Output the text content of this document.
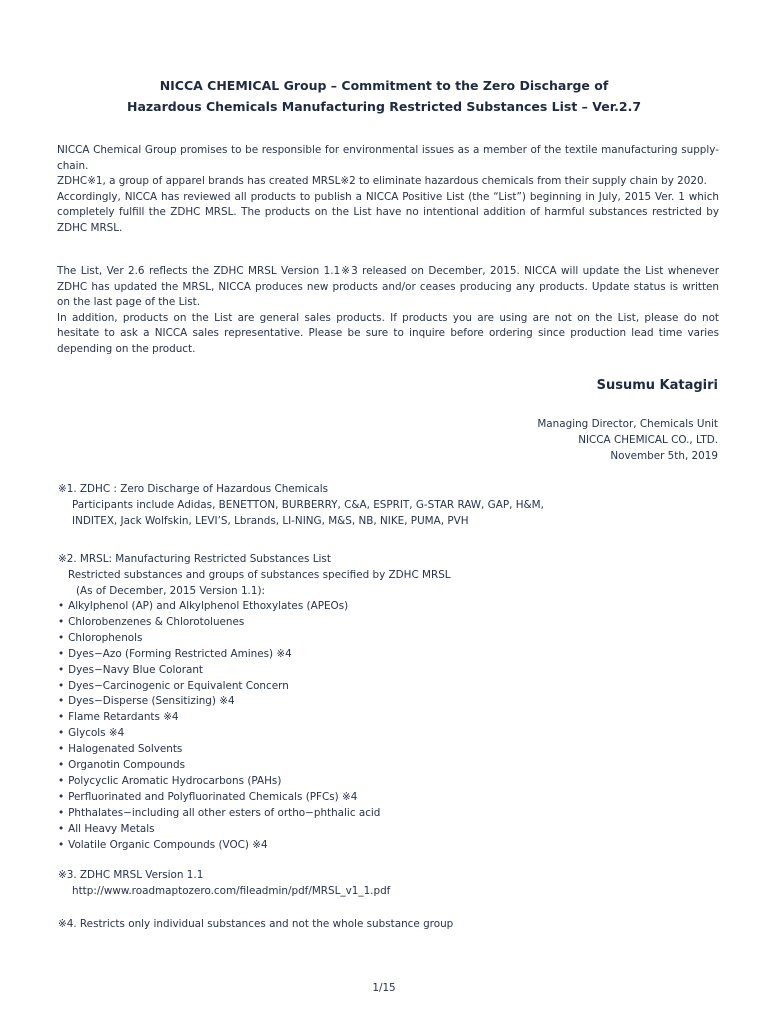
NICCA CHEMICAL Group – Commitment to the Zero Discharge of
Hazardous Chemicals Manufacturing Restricted Substances List – Ver.2.7

NICCA Chemical Group promises to be responsible for environmental issues as a member of the textile manufacturing supply-chain.

ZDHC※1, a group of apparel brands has created MRSL※2 to eliminate hazardous chemicals from their supply chain by 2020.

Accordingly, NICCA has reviewed all products to publish a NICCA Positive List (the “List”) beginning in July, 2015 Ver. 1 which completely fulfill the ZDHC MRSL. The products on the List have no intentional addition of harmful substances restricted by ZDHC MRSL.

The List, Ver 2.6 reflects the ZDHC MRSL Version 1.1※3 released on December, 2015. NICCA will update the List whenever ZDHC has updated the MRSL, NICCA produces new products and/or ceases producing any products. Update status is written on the last page of the List.

In addition, products on the List are general sales products. If products you are using are not on the List, please do not hesitate to ask a NICCA sales representative. Please be sure to inquire before ordering since production lead time varies depending on the product.

Susumu Katagiri
Managing Director, Chemicals Unit
NICCA CHEMICAL CO., LTD.
November 5th, 2019
※1. ZDHC : Zero Discharge of Hazardous Chemicals
Participants include Adidas, BENETTON, BURBERRY, C&A, ESPRIT, G-STAR RAW, GAP, H&M,
INDITEX, Jack Wolfskin, LEVI’S, Lbrands, LI-NING, M&S, NB, NIKE, PUMA, PVH
※2. MRSL: Manufacturing Restricted Substances List
Restricted substances and groups of substances specified by ZDHC MRSL
(As of December, 2015 Version 1.1):
• Alkylphenol (AP) and Alkylphenol Ethoxylates (APEOs)
• Chlorobenzenes & Chlorotoluenes
• Chlorophenols
• Dyes−Azo (Forming Restricted Amines) ※4
• Dyes−Navy Blue Colorant
• Dyes−Carcinogenic or Equivalent Concern
• Dyes−Disperse (Sensitizing) ※4
• Flame Retardants ※4
• Glycols ※4
• Halogenated Solvents
• Organotin Compounds
• Polycyclic Aromatic Hydrocarbons (PAHs)
• Perfluorinated and Polyfluorinated Chemicals (PFCs) ※4
• Phthalates−including all other esters of ortho−phthalic acid
• All Heavy Metals
• Volatile Organic Compounds (VOC) ※4
※3. ZDHC MRSL Version 1.1
http://www.roadmaptozero.com/fileadmin/pdf/MRSL_v1_1.pdf
※4. Restricts only individual substances and not the whole substance group
1/15
